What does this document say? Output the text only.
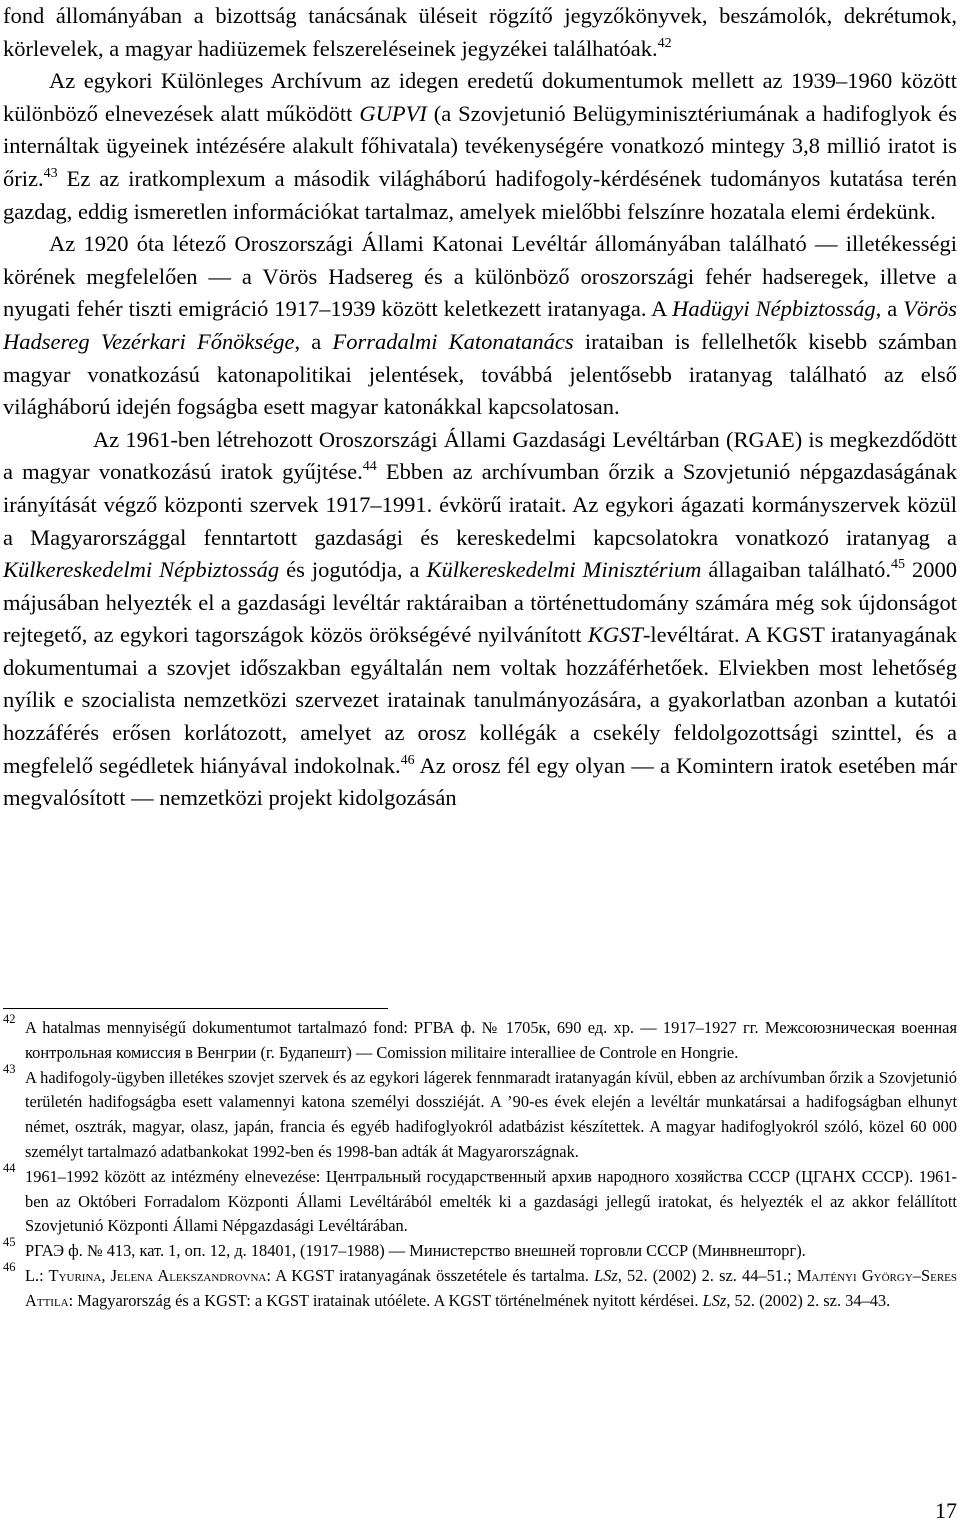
fond állományában a bizottság tanácsának üléseit rögzítő jegyzőkönyvek, beszámolók, dekrétumok, körlevelek, a magyar hadiüzemek felszereléseinek jegyzékei találhatóak.$^{42}$

Az egykori Különleges Archívum az idegen eredetű dokumentumok mellett az 1939–1960 között különböző elnevezések alatt működött GUPVI (a Szovjetunió Belügyminisztériumának a hadifoglyok és internáltak ügyeinek intézésére alakult főhivatala) tevékenységére vonatkozó mintegy 3,8 millió iratot is őriz.$^{43}$ Ez az iratkomplexum a második világháború hadifogoly-kérdésének tudományos kutatása terén gazdag, eddig ismeretlen információkat tartalmaz, amelyek mielőbbi felszínre hozatala elemi érdekünk.

Az 1920 óta létező Oroszországi Állami Katonai Levéltár állományában található — illetékességi körének megfelelően — a Vörös Hadsereg és a különböző oroszországi fehér hadseregek, illetve a nyugati fehér tiszti emigráció 1917–1939 között keletkezett iratanyaga. A Hadügyi Népbiztosság, a Vörös Hadsereg Vezérkari Főnöksége, a Forradalmi Katonatanács irataiban is fellelhetők kisebb számban magyar vonatkozású katonapolitikai jelentések, továbbá jelentősebb iratanyag található az első világháború idején fogságba esett magyar katonákkal kapcsolatosan.

Az 1961-ben létrehozott Oroszországi Állami Gazdasági Levéltárban (RGAE) is megkezdődött a magyar vonatkozású iratok gyűjtése.$^{44}$ Ebben az archívumban őrzik a Szovjetunió népgazdaságának irányítását végző központi szervek 1917–1991. évkörű iratait. Az egykori ágazati kormányszervek közül a Magyarországgal fenntartott gazdasági és kereskedelmi kapcsolatokra vonatkozó iratanyag a Külkereskedelmi Népbiztosság és jogutódja, a Külkereskedelmi Minisztérium állagaiban található.$^{45}$ 2000 májusában helyezték el a gazdasági levéltár raktáraiban a történettudomány számára még sok újdonságot rejtegető, az egykori tagországok közös örökségévé nyilvánított KGST-levéltárat. A KGST iratanyagának dokumentumai a szovjet időszakban egyáltalán nem voltak hozzáférhetőek. Elviekben most lehetőség nyílik e szocialista nemzetközi szervezet iratainak tanulmányozására, a gyakorlatban azonban a kutatói hozzáférés erősen korlátozott, amelyet az orosz kollégák a csekély feldolgozottsági szinttel, és a megfelelő segédletek hiányával indokolnak.$^{46}$ Az orosz fél egy olyan — a Komintern iratok esetében már megvalósított — nemzetközi projekt kidolgozásán

42 A hatalmas mennyiségű dokumentumot tartalmazó fond: РГВА ф. № 1705к, 690 ед. хр. — 1917–1927 гг. Межсоюзническая военная контрольная комиссия в Венгрии (г. Будапешт) — Comission militaire interalliee de Controle en Hongrie.

43 A hadifogoly-ügyben illetékes szovjet szervek és az egykori lágerek fennmaradt iratanyagán kívül, ebben az archívumban őrzik a Szovjetunió területén hadifogságba esett valamennyi katona személyi dossziéját. A ’90-es évek elején a levéltár munkatársai a hadifogságban elhunyt német, osztrák, magyar, olasz, japán, francia és egyéb hadifoglyokról adatbázist készítettek. A magyar hadifoglyokról szóló, közel 60 000 személyt tartalmazó adatbankokat 1992-ben és 1998-ban adták át Magyarországnak.

44 1961–1992 között az intézmény elnevezése: Центральный государственный архив народного хозяйства СССР (ЦГАНХ СССР). 1961-ben az Októberi Forradalom Központi Állami Levéltárából emelték ki a gazdasági jellegű iratokat, és helyezték el az akkor felállított Szovjetunió Központi Állami Népgazdasági Levéltárában.

45 РГАЭ ф. № 413, кат. 1, оп. 12, д. 18401, (1917–1988) — Министерство внешней торговли СССР (Минвнешторг).

46 L.: Tyurina, Jelena Alekszandrovna: A KGST iratanyagának összetétele és tartalma. LSz, 52. (2002) 2. sz. 44–51.; Majtényi György–Seres Attila: Magyarország és a KGST: a KGST iratainak utóélete. A KGST történelmének nyitott kérdései. LSz, 52. (2002) 2. sz. 34–43.

17
